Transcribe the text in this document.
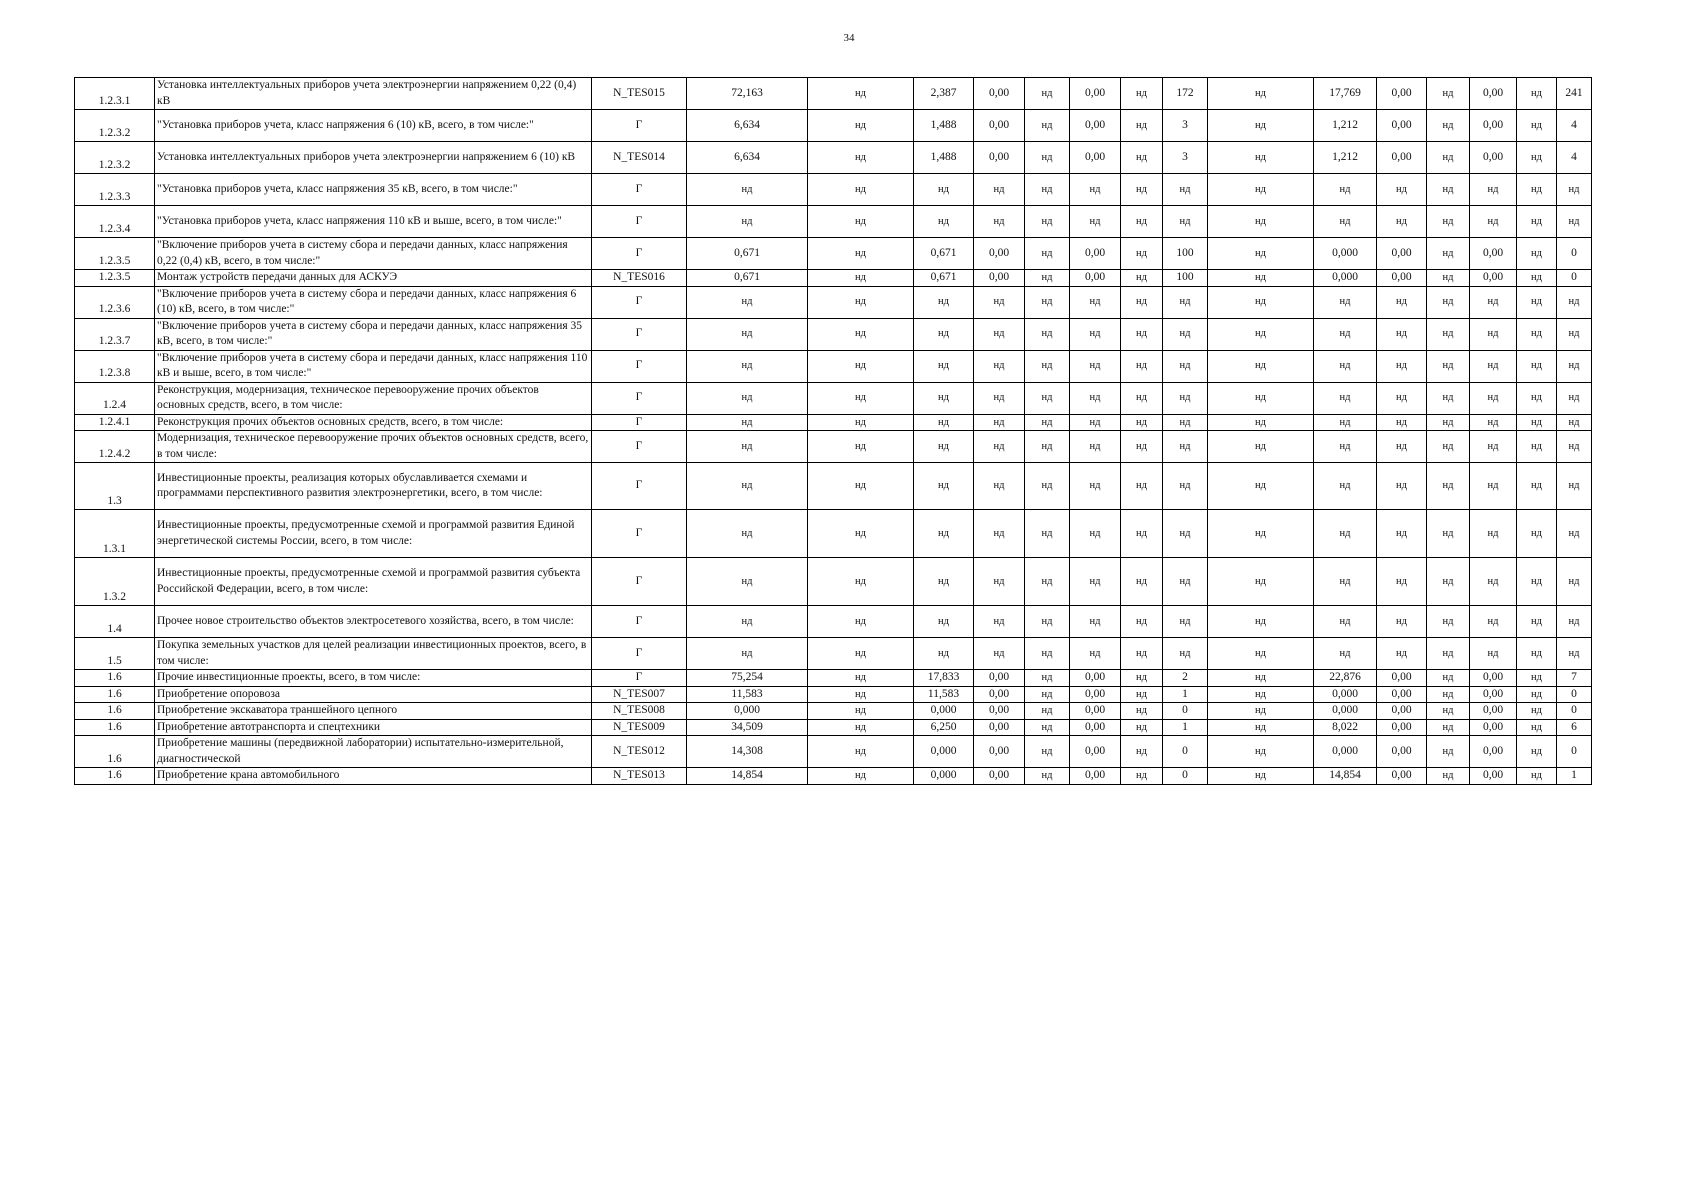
34
1.2.3.1	Установка интеллектуальных приборов учета электроэнергии напряжением 0,22 (0,4) кВ	N_TES015	72,163	нд	2,387	0,00	нд	0,00	нд	172	нд	17,769	0,00	нд	0,00	нд	241
1.2.3.2	"Установка приборов учета, класс напряжения 6 (10) кВ, всего, в том числе:"	Г	6,634	нд	1,488	0,00	нд	0,00	нд	3	нд	1,212	0,00	нд	0,00	нд	4
1.2.3.2	Установка интеллектуальных приборов учета электроэнергии напряжением 6 (10) кВ	N_TES014	6,634	нд	1,488	0,00	нд	0,00	нд	3	нд	1,212	0,00	нд	0,00	нд	4
1.2.3.3	"Установка приборов учета, класс напряжения 35 кВ, всего, в том числе:"	Г	нд	нд	нд	нд	нд	нд	нд	нд	нд	нд	нд	нд	нд	нд	нд
1.2.3.4	"Установка приборов учета, класс напряжения 110 кВ и выше, всего, в том числе:"	Г	нд	нд	нд	нд	нд	нд	нд	нд	нд	нд	нд	нд	нд	нд	нд
1.2.3.5	"Включение приборов учета в систему сбора и передачи данных, класс напряжения 0,22 (0,4) кВ, всего, в том числе:"	Г	0,671	нд	0,671	0,00	нд	0,00	нд	100	нд	0,000	0,00	нд	0,00	нд	0
1.2.3.5	Монтаж устройств передачи данных для АСКУЭ	N_TES016	0,671	нд	0,671	0,00	нд	0,00	нд	100	нд	0,000	0,00	нд	0,00	нд	0
1.2.3.6	"Включение приборов учета в систему сбора и передачи данных, класс напряжения 6 (10) кВ, всего, в том числе:"	Г	нд	нд	нд	нд	нд	нд	нд	нд	нд	нд	нд	нд	нд	нд	нд
1.2.3.7	"Включение приборов учета в систему сбора и передачи данных, класс напряжения 35 кВ, всего, в том числе:"	Г	нд	нд	нд	нд	нд	нд	нд	нд	нд	нд	нд	нд	нд	нд	нд
1.2.3.8	"Включение приборов учета в систему сбора и передачи данных, класс напряжения 110 кВ и выше, всего, в том числе:"	Г	нд	нд	нд	нд	нд	нд	нд	нд	нд	нд	нд	нд	нд	нд	нд
1.2.4	Реконструкция, модернизация, техническое перевооружение прочих объектов основных средств, всего, в том числе:	Г	нд	нд	нд	нд	нд	нд	нд	нд	нд	нд	нд	нд	нд	нд	нд
1.2.4.1	Реконструкция прочих объектов основных средств, всего, в том числе:	Г	нд	нд	нд	нд	нд	нд	нд	нд	нд	нд	нд	нд	нд	нд	нд
1.2.4.2	Модернизация, техническое перевооружение прочих объектов основных средств, всего, в том числе:	Г	нд	нд	нд	нд	нд	нд	нд	нд	нд	нд	нд	нд	нд	нд	нд
1.3	Инвестиционные проекты, реализация которых обуславливается схемами и программами перспективного развития электроэнергетики, всего, в том числе:	Г	нд	нд	нд	нд	нд	нд	нд	нд	нд	нд	нд	нд	нд	нд	нд
1.3.1	Инвестиционные проекты, предусмотренные схемой и программой развития Единой энергетической системы России, всего, в том числе:	Г	нд	нд	нд	нд	нд	нд	нд	нд	нд	нд	нд	нд	нд	нд	нд
1.3.2	Инвестиционные проекты, предусмотренные схемой и программой развития субъекта Российской Федерации, всего, в том числе:	Г	нд	нд	нд	нд	нд	нд	нд	нд	нд	нд	нд	нд	нд	нд	нд
1.4	Прочее новое строительство объектов электросетевого хозяйства, всего, в том числе:	Г	нд	нд	нд	нд	нд	нд	нд	нд	нд	нд	нд	нд	нд	нд	нд
1.5	Покупка земельных участков для целей реализации инвестиционных проектов, всего, в том числе:	Г	нд	нд	нд	нд	нд	нд	нд	нд	нд	нд	нд	нд	нд	нд	нд
1.6	Прочие инвестиционные проекты, всего, в том числе:	Г	75,254	нд	17,833	0,00	нд	0,00	нд	2	нд	22,876	0,00	нд	0,00	нд	7
1.6	Приобретение опоровоза	N_TES007	11,583	нд	11,583	0,00	нд	0,00	нд	1	нд	0,000	0,00	нд	0,00	нд	0
1.6	Приобретение экскаватора траншейного цепного	N_TES008	0,000	нд	0,000	0,00	нд	0,00	нд	0	нд	0,000	0,00	нд	0,00	нд	0
1.6	Приобретение автотранспорта и спецтехники	N_TES009	34,509	нд	6,250	0,00	нд	0,00	нд	1	нд	8,022	0,00	нд	0,00	нд	6
1.6	Приобретение машины (передвижной лаборатории) испытательно-измерительной, диагностической	N_TES012	14,308	нд	0,000	0,00	нд	0,00	нд	0	нд	0,000	0,00	нд	0,00	нд	0
1.6	Приобретение крана автомобильного	N_TES013	14,854	нд	0,000	0,00	нд	0,00	нд	0	нд	14,854	0,00	нд	0,00	нд	1
